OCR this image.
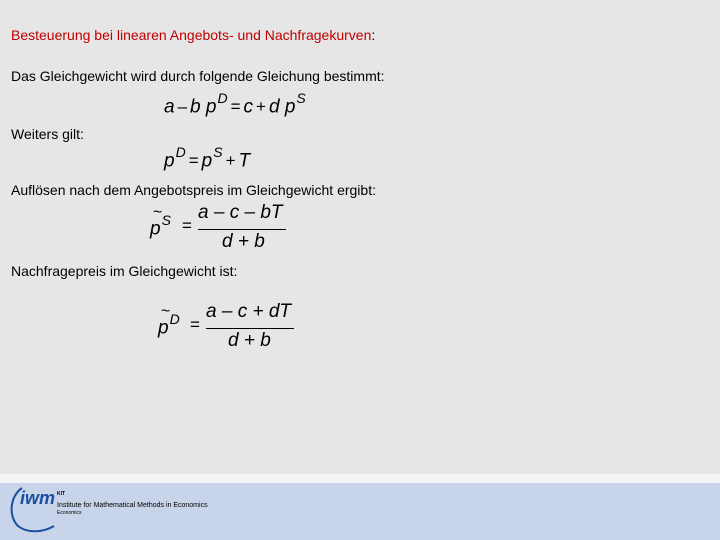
Besteuerung bei linearen Angebots- und Nachfragekurven:
Das Gleichgewicht wird durch folgende Gleichung bestimmt:
a – b $p^D = c + d$ $p^S$
Weiters gilt:
$p^D = p^S + T$
Auflösen nach dem Angebotspreis im Gleichgewicht ergibt:
~
$p^S$ =
a – c – bT
d + b
Nachfragepreis im Gleichgewicht ist:
~
$p^D$ =
a – c + dT
d + b
iwm KIT
Institute for Mathematical Methods in Economics
Economics
